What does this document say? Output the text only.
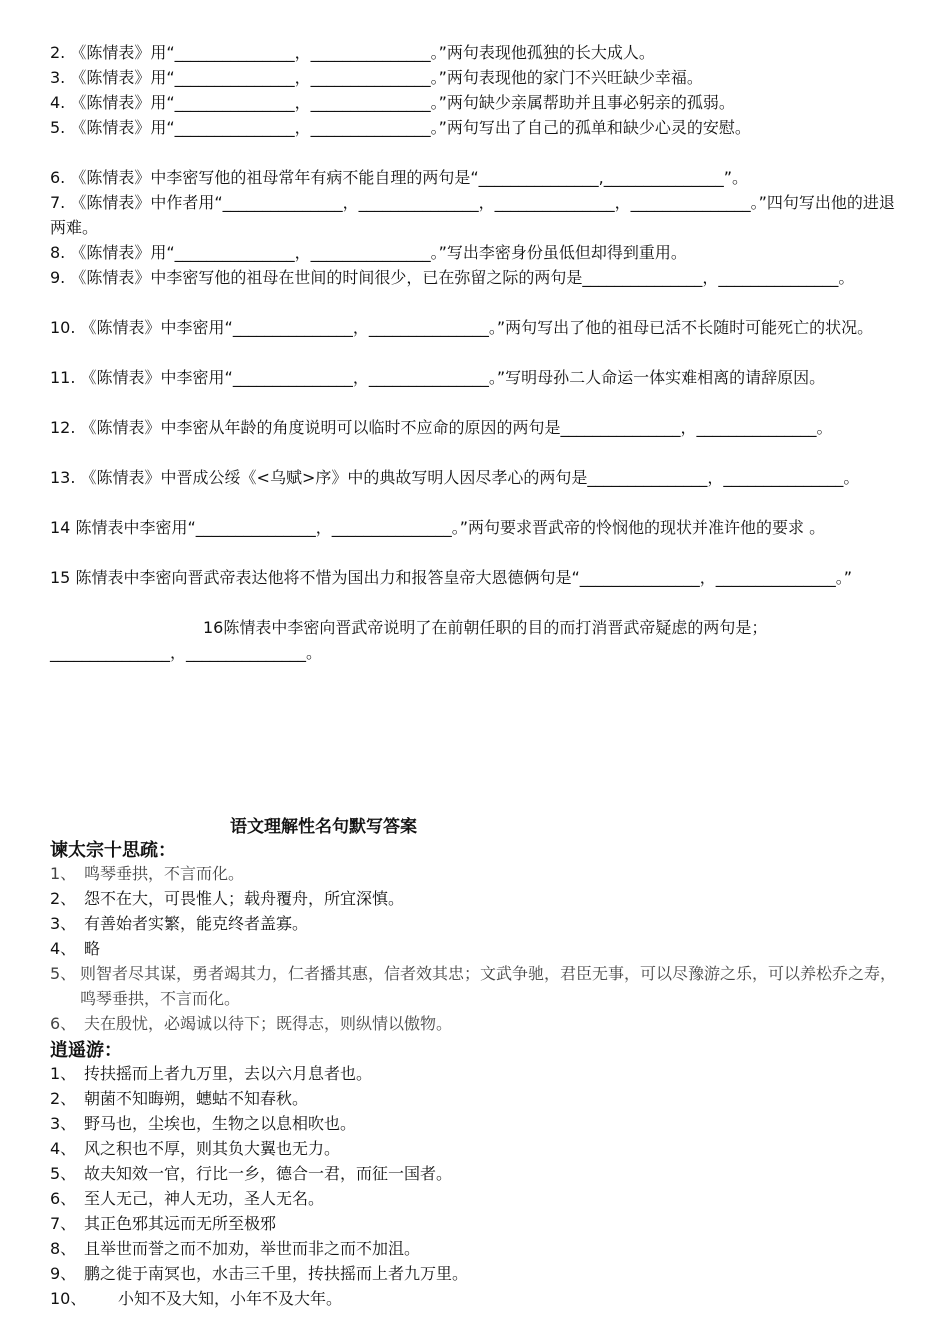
2. 《陈情表》用“_______________，_______________。”两句表现他孤独的长大成人。
3. 《陈情表》用“_______________，_______________。”两句表现他的家门不兴旺缺少幸福。
4. 《陈情表》用“_______________，_______________。”两句缺少亲属帮助并且事必躬亲的孤弱。
5. 《陈情表》用“_______________，_______________。”两句写出了自己的孤单和缺少心灵的安慰。
6. 《陈情表》中李密写他的祖母常年有病不能自理的两句是“_______________,_______________”。
7. 《陈情表》中作者用“_______________，_______________，_______________，_______________。”四句写出他的进退两难。
8. 《陈情表》用“_______________，_______________。”写出李密身份虽低但却得到重用。
9. 《陈情表》中李密写他的祖母在世间的时间很少，已在弥留之际的两句是_______________，_______________。
10. 《陈情表》中李密用“_______________，_______________。”两句写出了他的祖母已活不长随时可能死亡的状况。
11. 《陈情表》中李密用“_______________，_______________。”写明母孙二人命运一体实难相离的请辞原因。
12. 《陈情表》中李密从年龄的角度说明可以临时不应命的原因的两句是_______________，_______________。
13. 《陈情表》中晋成公绥《<乌赋>序》中的典故写明人因尽孝心的两句是_______________，_______________。
14 陈情表中李密用“_______________，_______________。”两句要求晋武帝的怜悯他的现状并准许他的要求 。
15 陈情表中李密向晋武帝表达他将不惜为国出力和报答皇帝大恩德俩句是“_______________，_______________。”
16陈情表中李密向晋武帝说明了在前朝任职的目的而打消晋武帝疑虑的两句是；_______________，_______________。
语文理解性名句默写答案
谏太宗十思疏：
1、 鸣琴垂拱，不言而化。
2、 怨不在大，可畏惟人；载舟覆舟，所宜深慎。
3、 有善始者实繁，能克终者盖寡。
4、 略
5、 则智者尽其谋，勇者竭其力，仁者播其惠，信者效其忠；文武争驰，君臣无事，可以尽豫游之乐，可以养松乔之寿，鸣琴垂拱，不言而化。
6、 夫在殷忧，必竭诚以待下；既得志，则纵情以傲物。
逍遥游：
1、 抟扶摇而上者九万里，去以六月息者也。
2、 朝菌不知晦朔，蟪蛄不知春秋。
3、 野马也，尘埃也，生物之以息相吹也。
4、 风之积也不厚，则其负大翼也无力。
5、 故夫知效一官，行比一乡，德合一君，而征一国者。
6、 至人无己，神人无功，圣人无名。
7、 其正色邪其远而无所至极邪
8、 且举世而誉之而不加劝，举世而非之而不加沮。
9、 鹏之徙于南冥也，水击三千里，抟扶摇而上者九万里。
10、 小知不及大知，小年不及大年。
